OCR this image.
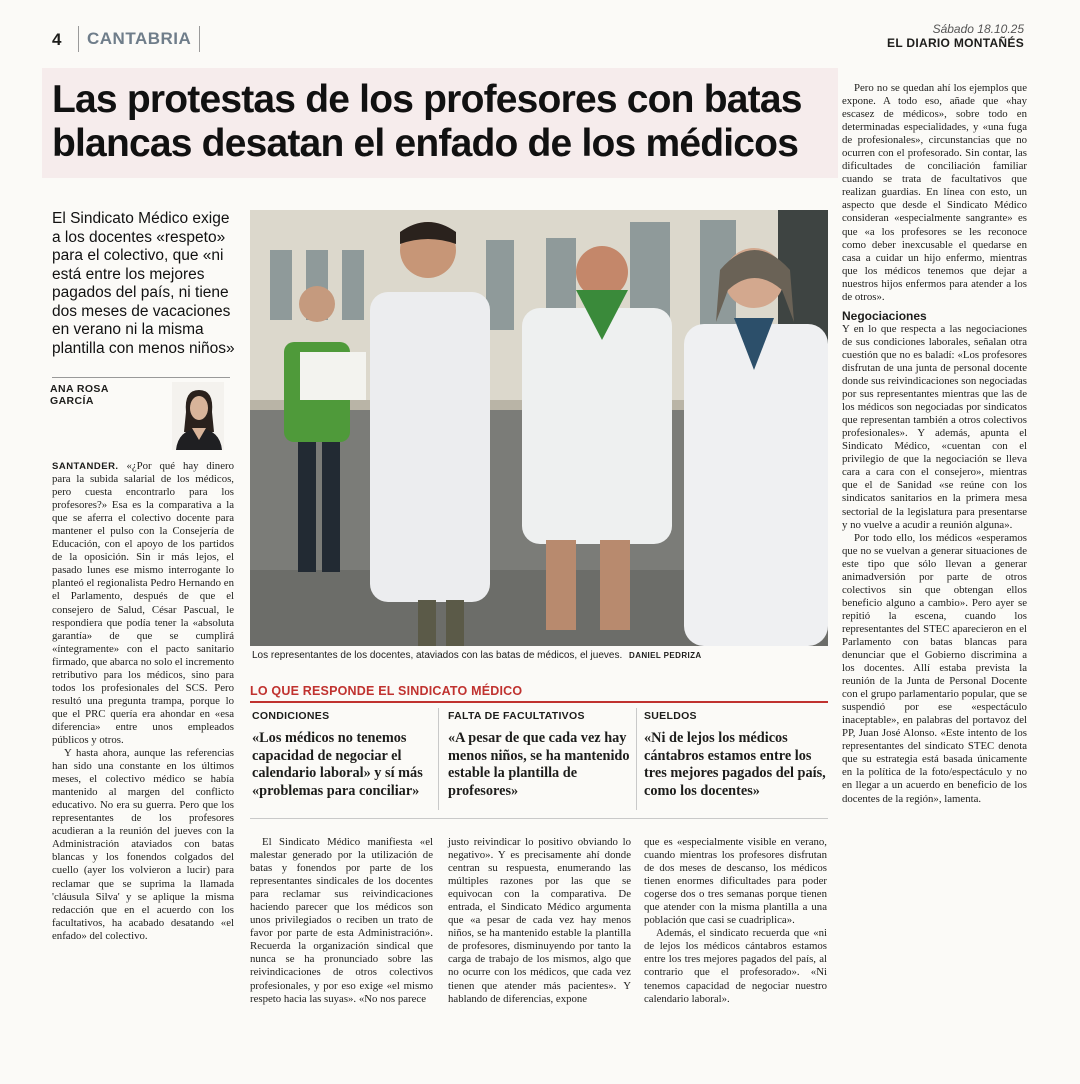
4	CANTABRIA	Sábado 18.10.25
EL DIARIO MONTAÑÉS
Las protestas de los profesores con batas blancas desatan el enfado de los médicos
El Sindicato Médico exige a los docentes «respeto» para el colectivo, que «ni está entre los mejores pagados del país, ni tiene dos meses de vacaciones en verano ni la misma plantilla con menos niños»
ANA ROSA GARCÍA

SANTANDER. «¿Por qué hay dinero para la subida salarial de los médicos, pero cuesta encontrarlo para los profesores?» Esa es la comparativa a la que se aferra el colectivo docente para mantener el pulso con la Consejería de Educación, con el apoyo de los partidos de la oposición. Sin ir más lejos, el pasado lunes ese mismo interrogante lo planteó el regionalista Pedro Hernando en el Parlamento, después de que el consejero de Salud, César Pascual, le respondiera que podía tener la «absoluta garantía» de que se cumplirá «íntegramente» con el pacto sanitario firmado, que abarca no solo el incremento retributivo para los médicos, sino para todos los profesionales del SCS. Pero resultó una pregunta trampa, porque lo que el PRC quería era ahondar en «esa diferencia» entre unos empleados públicos y otros.

Y hasta ahora, aunque las referencias han sido una constante en los últimos meses, el colectivo médico se había mantenido al margen del conflicto educativo. No era su guerra. Pero que los representantes de los profesores acudieran a la reunión del jueves con la Administración ataviados con batas blancas y los fonendos colgados del cuello (ayer los volvieron a lucir) para reclamar que se suprima la llamada 'cláusula Silva' y se aplique la misma redacción que en el acuerdo con los facultativos, ha acabado desatando «el enfado» del colectivo.

Los representantes de los docentes, ataviados con las batas de médicos, el jueves. DANIEL PEDRIZA
LO QUE RESPONDE EL SINDICATO MÉDICO
CONDICIONES
«Los médicos no tenemos capacidad de negociar el calendario laboral» y sí más «problemas para conciliar»
FALTA DE FACULTATIVOS
«A pesar de que cada vez hay menos niños, se ha mantenido estable la plantilla de profesores»
SUELDOS
«Ni de lejos los médicos cántabros estamos entre los tres mejores pagados del país, como los docentes»

El Sindicato Médico manifiesta «el malestar generado por la utilización de batas y fonendos por parte de los representantes sindicales de los docentes para reclamar sus reivindicaciones haciendo parecer que los médicos son unos privilegiados o reciben un trato de favor por parte de esta Administración». Recuerda la organización sindical que nunca se ha pronunciado sobre las reivindicaciones de otros colectivos profesionales, y por eso exige «el mismo respeto hacia las suyas». «No nos parece

justo reivindicar lo positivo obviando lo negativo». Y es precisamente ahí donde centran su respuesta, enumerando las múltiples razones por las que se equivocan con la comparativa. De entrada, el Sindicato Médico argumenta que «a pesar de cada vez hay menos niños, se ha mantenido estable la plantilla de profesores, disminuyendo por tanto la carga de trabajo de los mismos, algo que no ocurre con los médicos, que cada vez tienen que atender más pacientes». Y hablando de diferencias, expone

que es «especialmente visible en verano, cuando mientras los profesores disfrutan de dos meses de descanso, los médicos tienen enormes dificultades para poder cogerse dos o tres semanas porque tienen que atender con la misma plantilla a una población que casi se cuadriplica».

Además, el sindicato recuerda que «ni de lejos los médicos cántabros estamos entre los tres mejores pagados del país, al contrario que el profesorado». «Ni tenemos capacidad de negociar nuestro calendario laboral».

Pero no se quedan ahí los ejemplos que expone. A todo eso, añade que «hay escasez de médicos», sobre todo en determinadas especialidades, y «una fuga de profesionales», circunstancias que no ocurren con el profesorado. Sin contar, las dificultades de conciliación familiar cuando se trata de facultativos que realizan guardias. En línea con esto, un aspecto que desde el Sindicato Médico consideran «especialmente sangrante» es que «a los profesores se les reconoce como deber inexcusable el quedarse en casa a cuidar un hijo enfermo, mientras que los médicos tenemos que dejar a nuestros hijos enfermos para atender a los de otros».

Negociaciones

Y en lo que respecta a las negociaciones de sus condiciones laborales, señalan otra cuestión que no es baladí: «Los profesores disfrutan de una junta de personal docente donde sus reivindicaciones son negociadas por sus representantes mientras que las de los médicos son negociadas por sindicatos que representan también a otros colectivos profesionales». Y además, apunta el Sindicato Médico, «cuentan con el privilegio de que la negociación se lleva cara a cara con el consejero», mientras que el de Sanidad «se reúne con los sindicatos sanitarios en la primera mesa sectorial de la legislatura para presentarse y no vuelve a acudir a reunión alguna».

Por todo ello, los médicos «esperamos que no se vuelvan a generar situaciones de este tipo que sólo llevan a generar animadversión por parte de otros colectivos sin que obtengan ellos beneficio alguno a cambio». Pero ayer se repitió la escena, cuando los representantes del STEC aparecieron en el Parlamento con batas blancas para denunciar que el Gobierno discrimina a los docentes. Allí estaba prevista la reunión de la Junta de Personal Docente con el grupo parlamentario popular, que se suspendió por ese «espectáculo inaceptable», en palabras del portavoz del PP, Juan José Alonso. «Este intento de los representantes del sindicato STEC denota que su estrategia está basada únicamente en la política de la foto/espectáculo y no en llegar a un acuerdo en beneficio de los docentes de la región», lamenta.
